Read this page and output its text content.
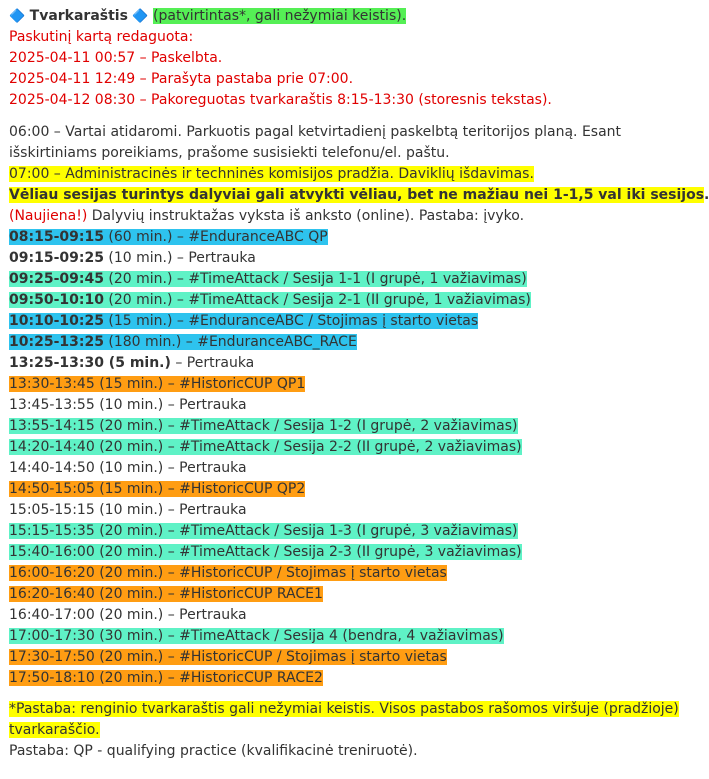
🔷 Tvarkaraštis 🔷 (patvirtintas*, gali nežymiai keistis).
Paskutinį kartą redaguota:
2025-04-11 00:57 – Paskelbta.
2025-04-11 12:49 – Parašyta pastaba prie 07:00.
2025-04-12 08:30 – Pakoreguotas tvarkaraštis 8:15-13:30 (storesnis tekstas).
06:00 – Vartai atidaromi. Parkuotis pagal ketvirtadienį paskelbtą teritorijos planą. Esant išskirtiniams poreikiams, prašome susisiekti telefonu/el. paštu.
07:00 – Administracinės ir techninės komisijos pradžia. Daviklių išdavimas.
Vėliau sesijas turintys dalyviai gali atvykti vėliau, bet ne mažiau nei 1-1,5 val iki sesijos.
(Naujiena!) Dalyvių instruktažas vyksta iš anksto (online). Pastaba: įvyko.
08:15-09:15 (60 min.) – #EnduranceABC QP
09:15-09:25 (10 min.) – Pertrauka
09:25-09:45 (20 min.) – #TimeAttack / Sesija 1-1 (I grupė, 1 važiavimas)
09:50-10:10 (20 min.) – #TimeAttack / Sesija 2-1 (II grupė, 1 važiavimas)
10:10-10:25 (15 min.) – #EnduranceABC / Stojimas į starto vietas
10:25-13:25 (180 min.) – #EnduranceABC_RACE
13:25-13:30 (5 min.) – Pertrauka
13:30-13:45 (15 min.) – #HistoricCUP QP1
13:45-13:55 (10 min.) – Pertrauka
13:55-14:15 (20 min.) – #TimeAttack / Sesija 1-2 (I grupė, 2 važiavimas)
14:20-14:40 (20 min.) – #TimeAttack / Sesija 2-2 (II grupė, 2 važiavimas)
14:40-14:50 (10 min.) – Pertrauka
14:50-15:05 (15 min.) – #HistoricCUP QP2
15:05-15:15 (10 min.) – Pertrauka
15:15-15:35 (20 min.) – #TimeAttack / Sesija 1-3 (I grupė, 3 važiavimas)
15:40-16:00 (20 min.) – #TimeAttack / Sesija 2-3 (II grupė, 3 važiavimas)
16:00-16:20 (20 min.) – #HistoricCUP / Stojimas į starto vietas
16:20-16:40 (20 min.) – #HistoricCUP RACE1
16:40-17:00 (20 min.) – Pertrauka
17:00-17:30 (30 min.) – #TimeAttack / Sesija 4 (bendra, 4 važiavimas)
17:30-17:50 (20 min.) – #HistoricCUP / Stojimas į starto vietas
17:50-18:10 (20 min.) – #HistoricCUP RACE2
*Pastaba: renginio tvarkaraštis gali nežymiai keistis. Visos pastabos rašomos viršuje (pradžioje) tvarkaraščio.
Pastaba: QP - qualifying practice (kvalifikacinė treniruotė).
